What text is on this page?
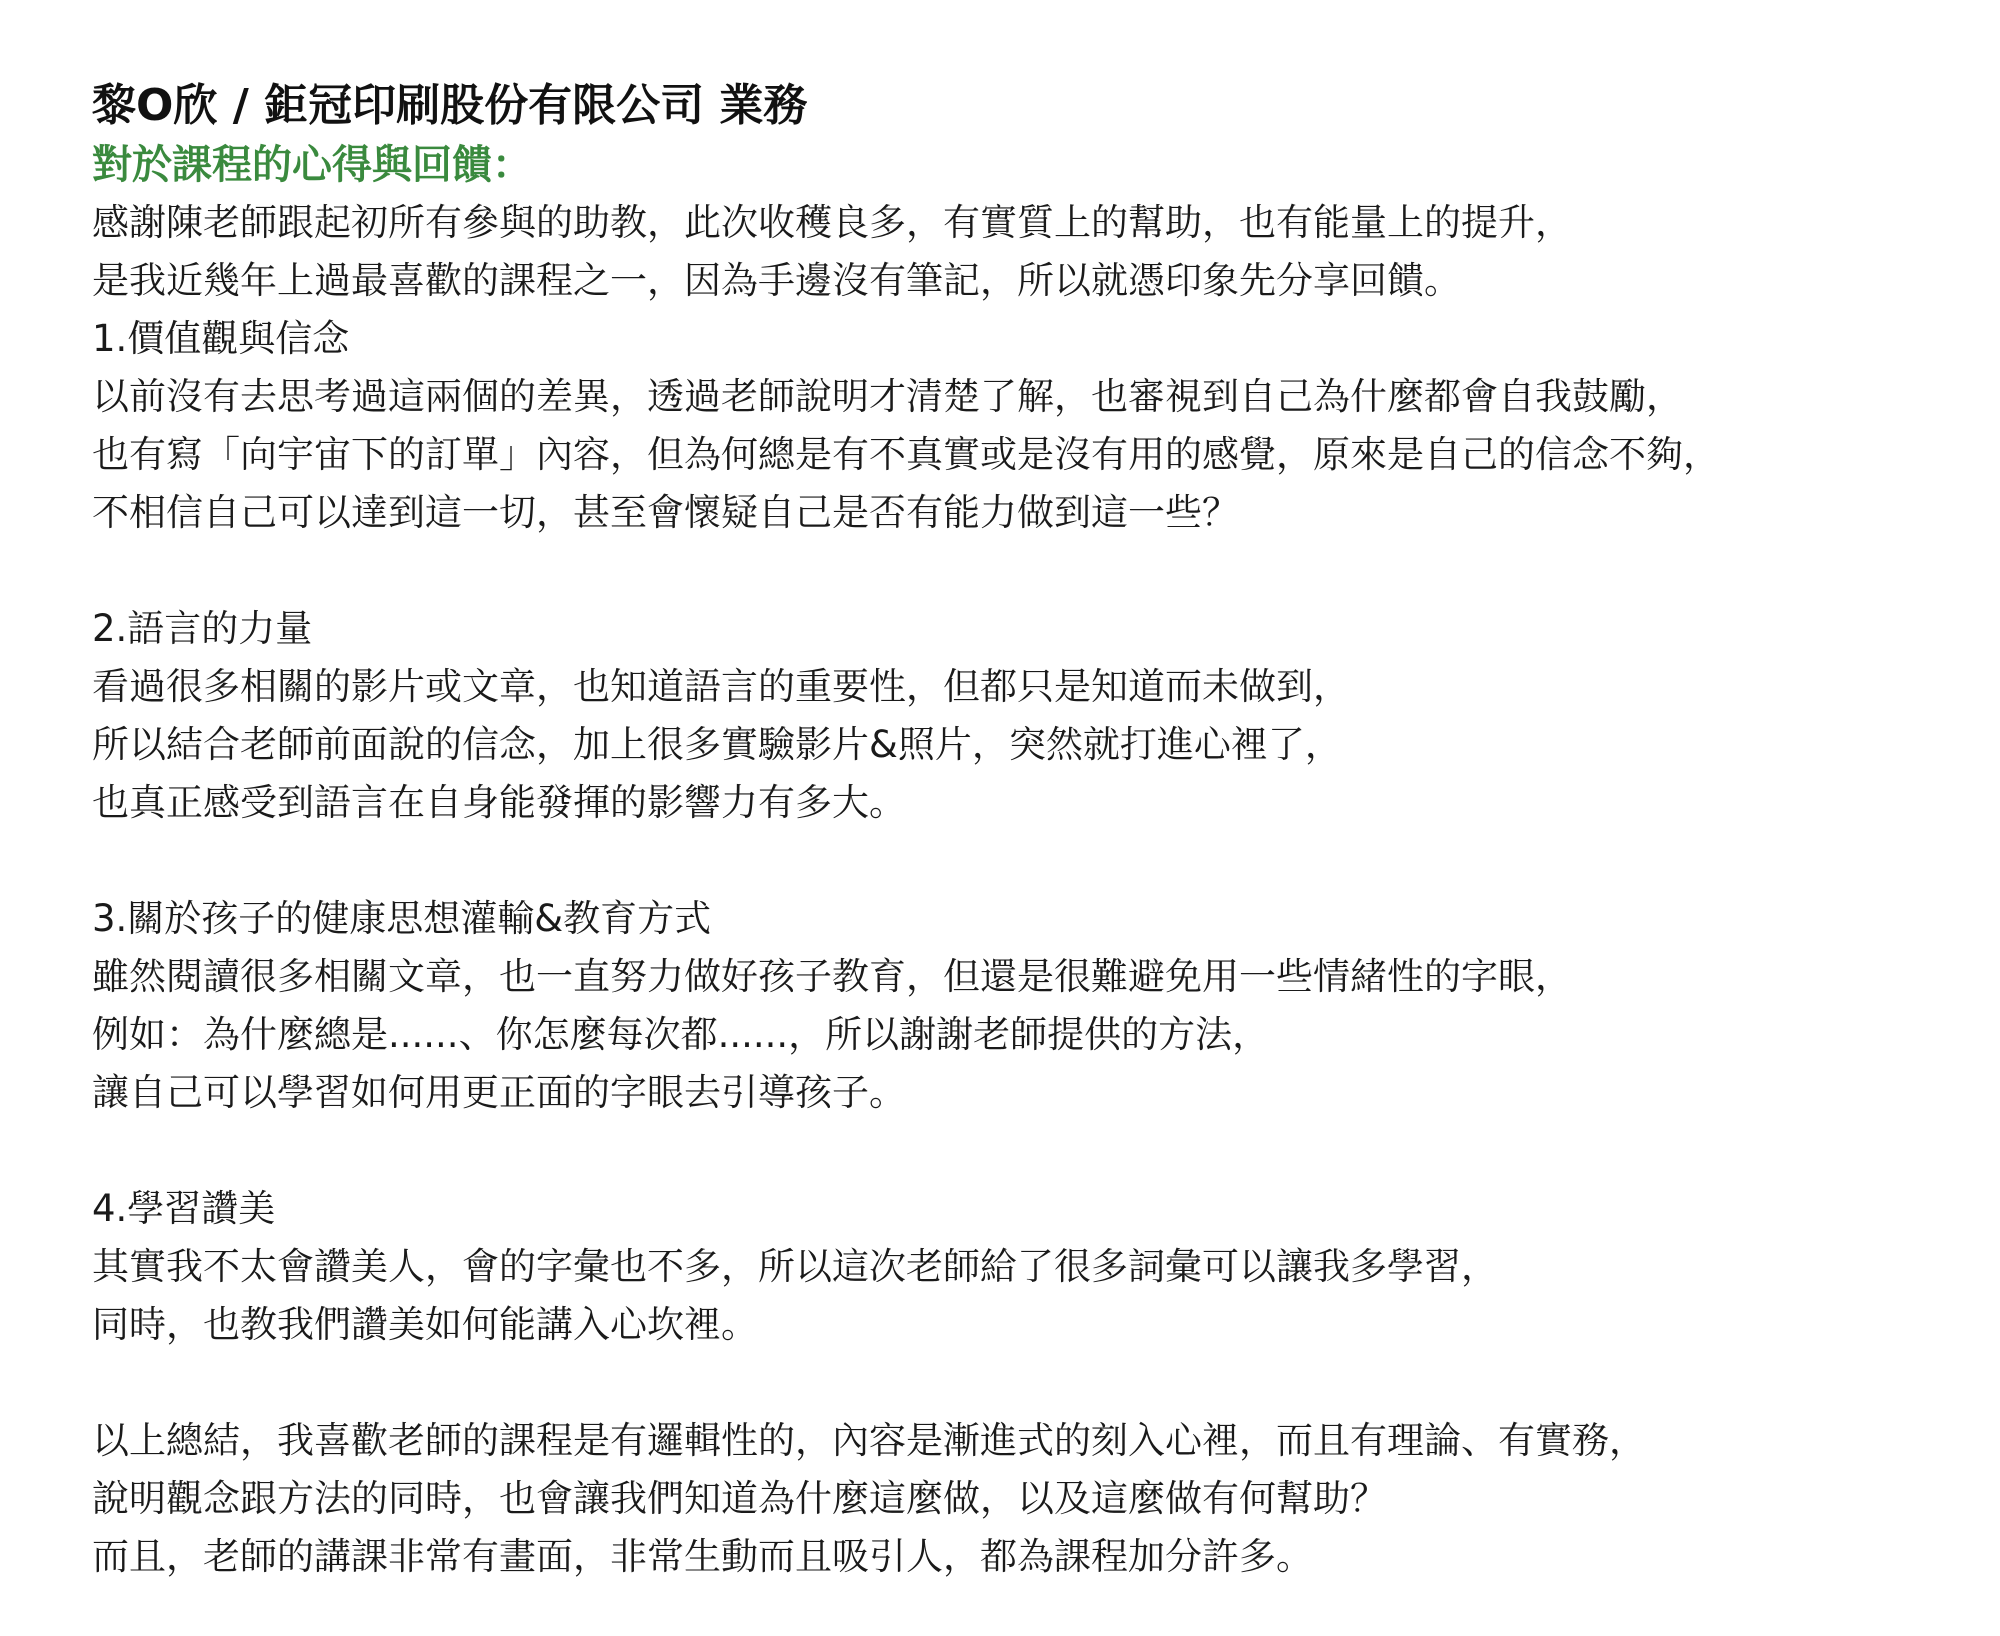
黎O欣 / 鉅冠印刷股份有限公司 業務
對於課程的心得與回饋：

感謝陳老師跟起初所有參與的助教，此次收穫良多，有實質上的幫助，也有能量上的提升，

是我近幾年上過最喜歡的課程之一，因為手邊沒有筆記，所以就憑印象先分享回饋。

1.價值觀與信念

以前沒有去思考過這兩個的差異，透過老師說明才清楚了解，也審視到自己為什麼都會自我鼓勵，

也有寫「向宇宙下的訂單」內容，但為何總是有不真實或是沒有用的感覺，原來是自己的信念不夠，

不相信自己可以達到這一切，甚至會懷疑自己是否有能力做到這一些？

2.語言的力量

看過很多相關的影片或文章，也知道語言的重要性，但都只是知道而未做到，

所以結合老師前面說的信念，加上很多實驗影片&照片，突然就打進心裡了，

也真正感受到語言在自身能發揮的影響力有多大。

3.關於孩子的健康思想灌輸&教育方式

雖然閱讀很多相關文章，也一直努力做好孩子教育，但還是很難避免用一些情緒性的字眼，

例如：為什麼總是......、你怎麼每次都......，所以謝謝老師提供的方法，

讓自己可以學習如何用更正面的字眼去引導孩子。

4.學習讚美

其實我不太會讚美人，會的字彙也不多，所以這次老師給了很多詞彙可以讓我多學習，

同時，也教我們讚美如何能講入心坎裡。

以上總結，我喜歡老師的課程是有邏輯性的，內容是漸進式的刻入心裡，而且有理論、有實務，

說明觀念跟方法的同時，也會讓我們知道為什麼這麼做，以及這麼做有何幫助？

而且，老師的講課非常有畫面，非常生動而且吸引人，都為課程加分許多。
